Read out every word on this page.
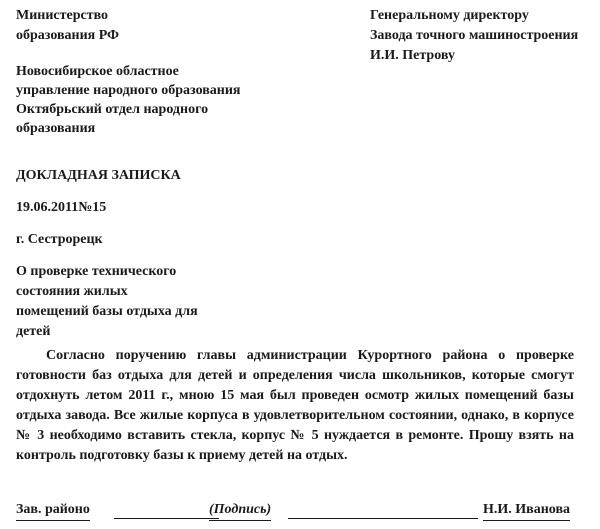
Министерство
образования РФ
Генеральному директору
Завода точного машиностроения
И.И. Петрову
Новосибирское областное
управление народного образования
Октябрьский отдел народного
образования
ДОКЛАДНАЯ ЗАПИСКА
19.06.2011№15
г. Сестрорецк
О проверке технического
состояния жилых
помещений базы отдыха для
детей
Согласно поручению главы администрации Курортного района о проверке готовности баз отдыха для детей и определения числа школьников, которые смогут отдохнуть летом 2011 г., мною 15 мая был проведен осмотр жилых помещений базы отдыха завода. Все жилые корпуса в удовлетворительном состоянии, однако, в корпусе № 3 необходимо вставить стекла, корпус № 5 нуждается в ремонте. Прошу взять на контроль подготовку базы к приему детей на отдых.
Зав. районо	(Подпись)	Н.И. Иванова
